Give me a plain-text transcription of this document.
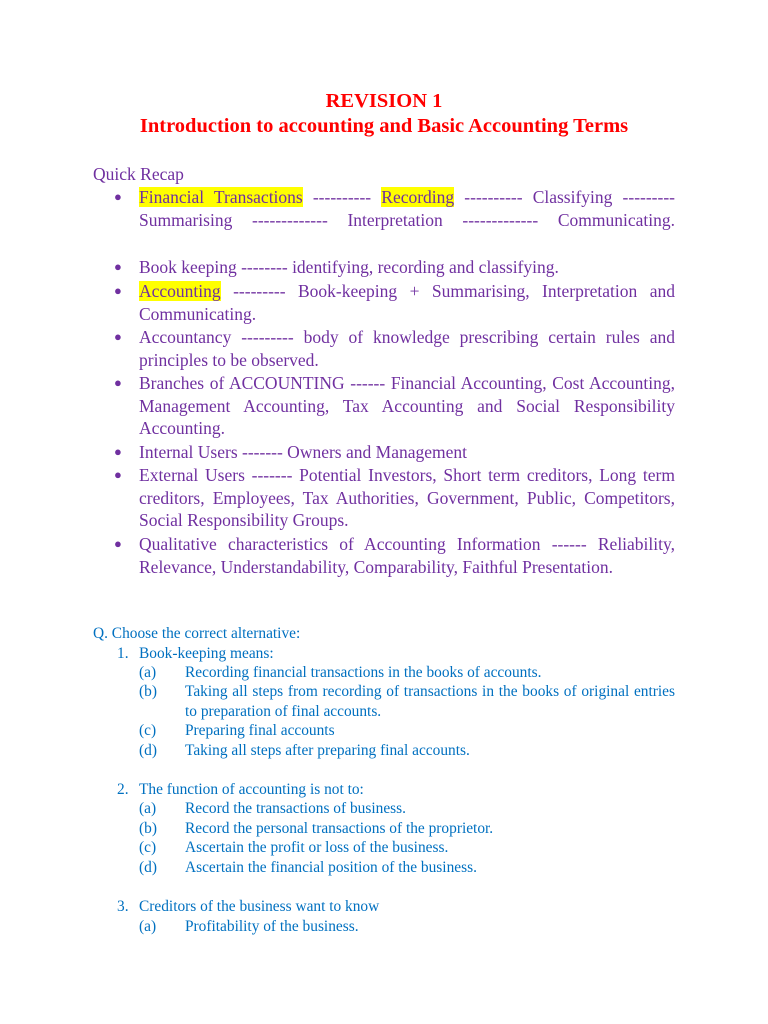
REVISION 1
Introduction to accounting and Basic Accounting Terms
Quick Recap
● Financial Transactions ---------- Recording ---------- Classifying --------- Summarising ------------- Interpretation ------------- Communicating.
● Book keeping -------- identifying, recording and classifying.
● Accounting --------- Book-keeping + Summarising, Interpretation and Communicating.
● Accountancy --------- body of knowledge prescribing certain rules and principles to be observed.
● Branches of ACCOUNTING ------ Financial Accounting, Cost Accounting, Management Accounting, Tax Accounting and Social Responsibility Accounting.
● Internal Users ------- Owners and Management
● External Users ------- Potential Investors, Short term creditors, Long term creditors, Employees, Tax Authorities, Government, Public, Competitors, Social Responsibility Groups.
● Qualitative characteristics of Accounting Information ------ Reliability, Relevance, Understandability, Comparability, Faithful Presentation.
Q. Choose the correct alternative:
1. Book-keeping means:
(a) Recording financial transactions in the books of accounts.
(b) Taking all steps from recording of transactions in the books of original entries to preparation of final accounts.
(c) Preparing final accounts
(d) Taking all steps after preparing final accounts.
2. The function of accounting is not to:
(a) Record the transactions of business.
(b) Record the personal transactions of the proprietor.
(c) Ascertain the profit or loss of the business.
(d) Ascertain the financial position of the business.
3. Creditors of the business want to know
(a) Profitability of the business.
